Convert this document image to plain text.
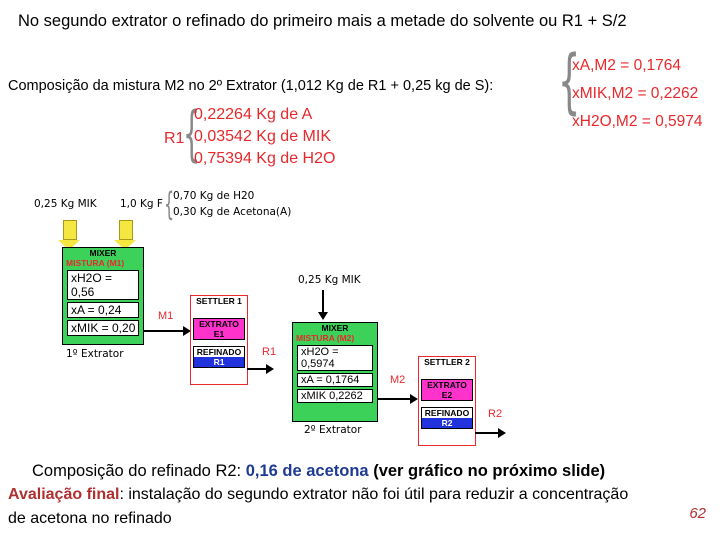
No segundo extrator o refinado do primeiro mais a metade do solvente ou R1 + S/2
{
xA,M2 = 0,1764
xMIK,M2 = 0,2262
xH2O,M2 = 0,5974
Composição da mistura M2 no 2º Extrator (1,012 Kg de R1 + 0,25 kg de S):
R1
{
0,22264 Kg de A
0,03542 Kg de MIK
0,75394 Kg de H2O
0,25 Kg MIK 1,0 Kg F {
0,70 Kg de H20
0,30 Kg de Acetona(A)
MIXER
MISTURA (M1)
xH2O = 0,56
xA = 0,24
xMIK = 0,20
1º Extrator
M1
SETTLER 1
EXTRATO
E1
REFINADO
R1
R1
0,25 Kg MIK
MIXER
MISTURA (M2)
xH2O = 0,5974
xA = 0,1764
xMIK 0,2262
2º Extrator
M2
SETTLER 2
EXTRATO
E2
REFINADO
R2
R2
Composição do refinado R2: 0,16 de acetona (ver gráfico no próximo slide)
Avaliação final: instalação do segundo extrator não foi útil para reduzir a concentração
de acetona no refinado	62
